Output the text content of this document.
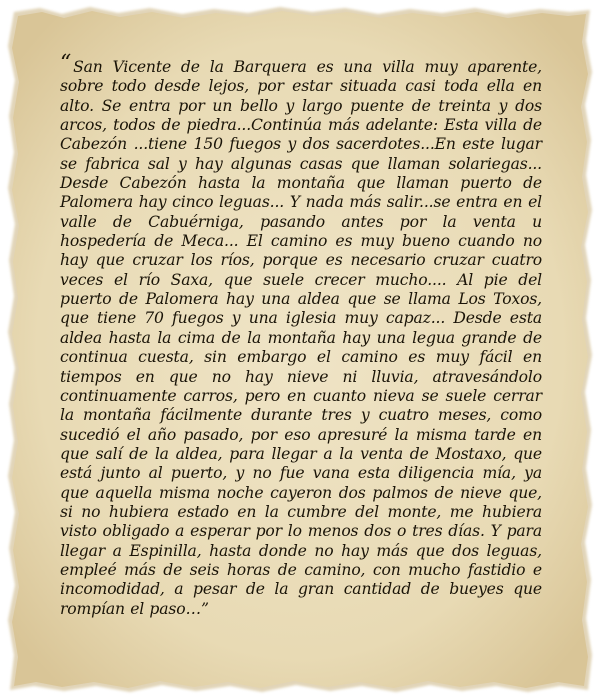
“ San Vicente de la Barquera es una villa muy aparente, sobre todo desde lejos, por estar situada casi toda ella en alto. Se entra por un bello y largo puente de treinta y dos arcos, todos de piedra...Continúa más adelante: Esta villa de Cabezón ...tiene 150 fuegos y dos sacerdotes...En este lugar se fabrica sal y hay algunas casas que llaman solariegas... Desde Cabezón hasta la montaña que llaman puerto de Palomera hay cinco leguas... Y nada más salir...se entra en el valle de Cabuérniga, pasando antes por la venta u hospedería de Meca... El camino es muy bueno cuando no hay que cruzar los ríos, porque es necesario cruzar cuatro veces el río Saxa, que suele crecer mucho.... Al pie del puerto de Palomera hay una aldea que se llama Los Toxos, que tiene 70 fuegos y una iglesia muy capaz... Desde esta aldea hasta la cima de la montaña hay una legua grande de continua cuesta, sin embargo el camino es muy fácil en tiempos en que no hay nieve ni lluvia, atravesándolo continuamente carros, pero en cuanto nieva se suele cerrar la montaña fácilmente durante tres y cuatro meses, como sucedió el año pasado, por eso apresuré la misma tarde en que salí de la aldea, para llegar a la venta de Mostaxo, que está junto al puerto, y no fue vana esta diligencia mía, ya que aquella misma noche cayeron dos palmos de nieve que, si no hubiera estado en la cumbre del monte, me hubiera visto obligado a esperar por lo menos dos o tres días. Y para llegar a Espinilla, hasta donde no hay más que dos leguas, empleé más de seis horas de camino, con mucho fastidio e incomodidad, a pesar de la gran cantidad de bueyes que rompían el paso…”
